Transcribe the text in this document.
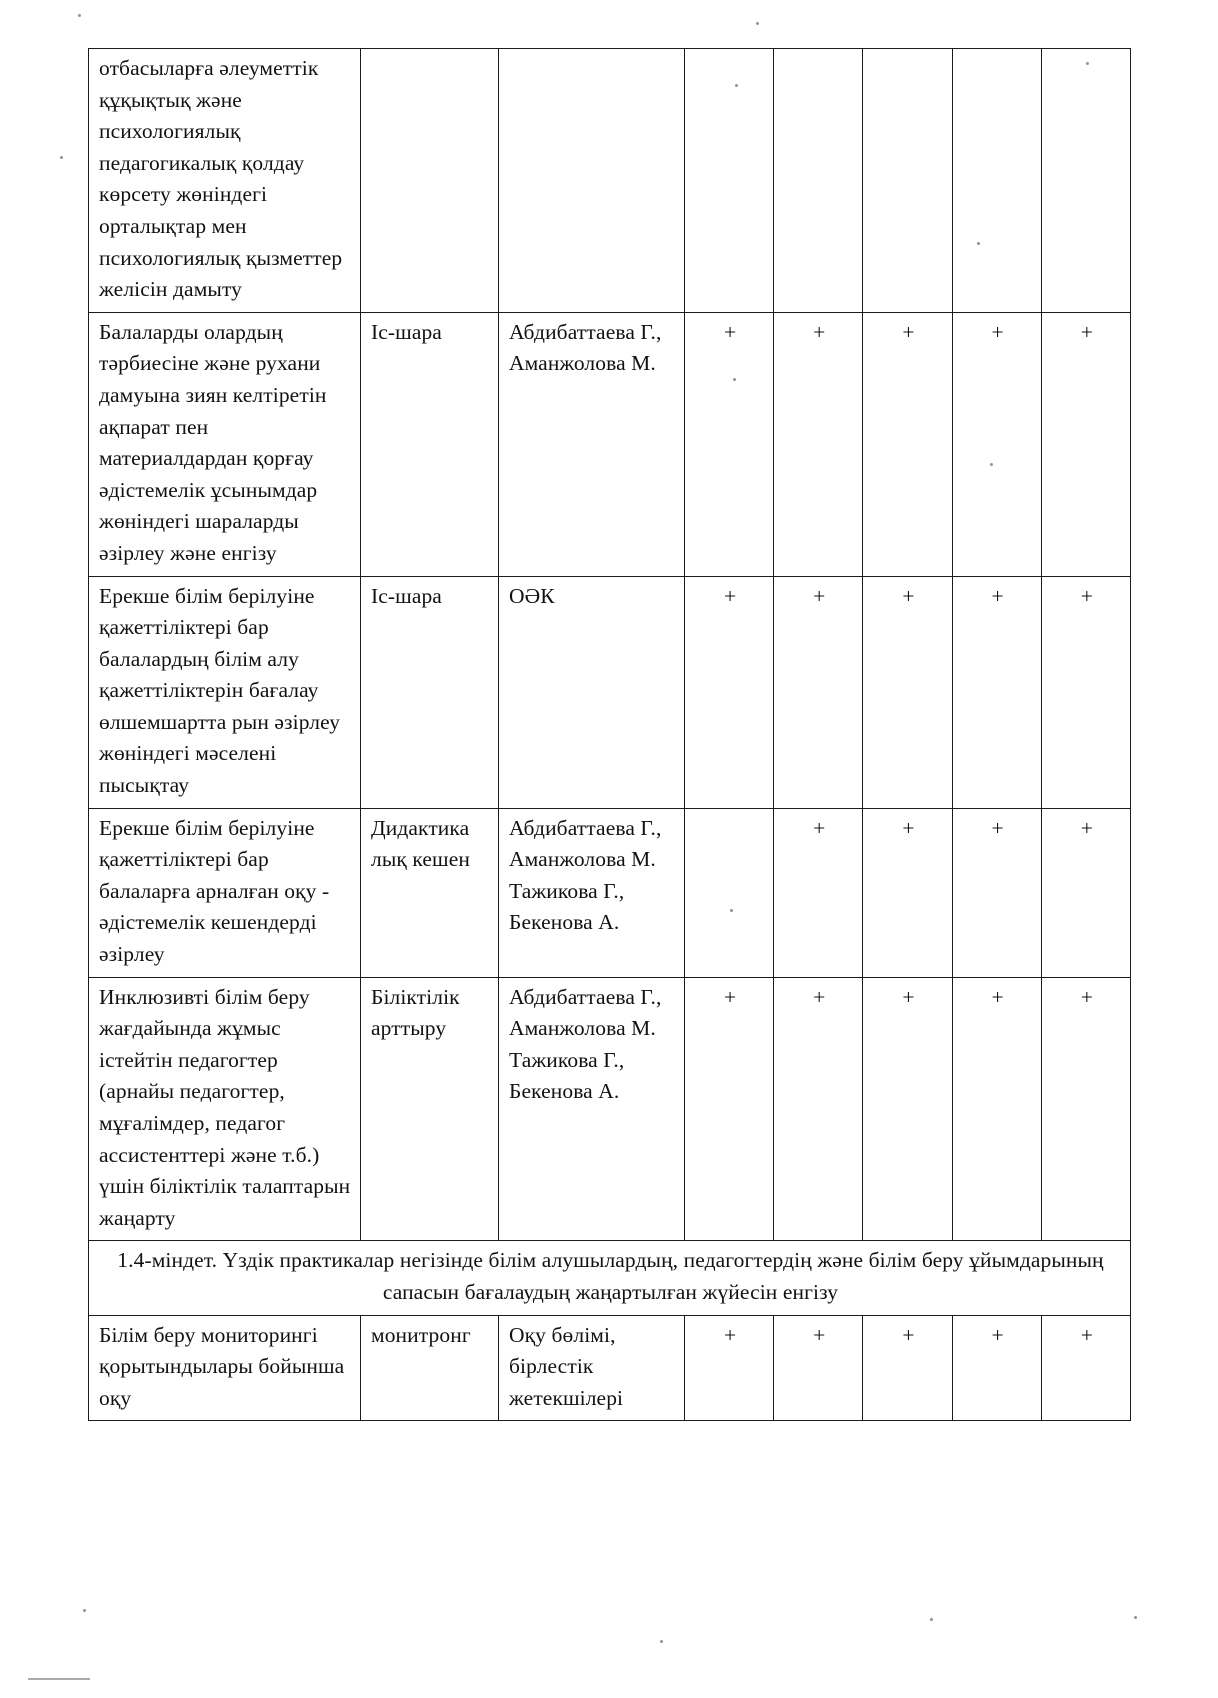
отбасыларға әлеуметтік құқықтық және психологиялық педагогикалық қолдау көрсету жөніндегі орталықтар мен психологиялық қызметтер желісін дамыту							
Балаларды олардың тәрбиесіне және рухани дамуына зиян келтіретін ақпарат пен материалдардан қорғау әдістемелік ұсынымдар жөніндегі шараларды әзірлеу және енгізу	Іс-шара	Абдибаттаева Г., Аманжолова М.	+	+	+	+	+
Ерекше білім берілуіне қажеттіліктері бар балалардың білім алу қажеттіліктерін бағалау өлшемшартта рын әзірлеу жөніндегі мәселені пысықтау	Іс-шара	ОӘК	+	+	+	+	+
Ерекше білім берілуіне қажеттіліктері бар балаларға арналған оқу - әдістемелік кешендерді әзірлеу	Дидактика лық кешен	Абдибаттаева Г., Аманжолова М. Тажикова Г., Бекенова А.		+	+	+	+
Инклюзивті білім беру жағдайында жұмыс істейтін педагогтер (арнайы педагогтер, мұғалімдер, педагог ассистенттері және т.б.) үшін біліктілік талаптарын жаңарту	Біліктілік арттыру	Абдибаттаева Г., Аманжолова М. Тажикова Г., Бекенова А.	+	+	+	+	+
1.4-міндет. Үздік практикалар негізінде білім алушылардың, педагогтердің және білім беру ұйымдарының сапасын бағалаудың жаңартылған жүйесін енгізу							
Білім беру мониторингі қорытындылары бойынша оқу	монитронг	Оқу бөлімі, бірлестік жетекшілері	+	+	+	+	+
